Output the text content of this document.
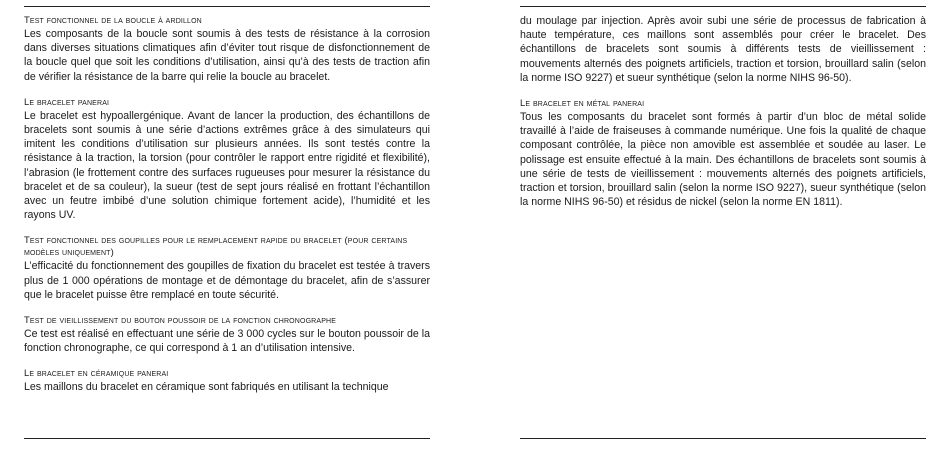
Test fonctionnel de la boucle à ardillon

Les composants de la boucle sont soumis à des tests de résistance à la corrosion dans diverses situations climatiques afin d’éviter tout risque de disfonctionnement de la boucle quel que soit les conditions d’utilisation, ainsi qu’à des tests de traction afin de vérifier la résistance de la barre qui relie la boucle au bracelet.

Le bracelet panerai

Le bracelet est hypoallergénique. Avant de lancer la production, des échantillons de bracelets sont soumis à une série d’actions extrêmes grâce à des simulateurs qui imitent les conditions d’utilisation sur plusieurs années. Ils sont testés contre la résistance à la traction, la torsion (pour contrôler le rapport entre rigidité et flexibilité), l’abrasion (le frottement contre des surfaces rugueuses pour mesurer la résistance du bracelet et de sa couleur), la sueur (test de sept jours réalisé en frottant l’échantillon avec un feutre imbibé d’une solution chimique fortement acide), l’humidité et les rayons UV.

Test fonctionnel des goupilles pour le remplacement rapide du bracelet (pour certains modèles uniquement)

L’efficacité du fonctionnement des goupilles de fixation du bracelet est testée à travers plus de 1 000 opérations de montage et de démontage du bracelet, afin de s’assurer que le bracelet puisse être remplacé en toute sécurité.

Test de vieillissement du bouton poussoir de la fonction chronographe

Ce test est réalisé en effectuant une série de 3 000 cycles sur le bouton poussoir de la fonction chronographe, ce qui correspond à 1 an d’utilisation intensive.

Le bracelet en céramique panerai

Les maillons du bracelet en céramique sont fabriqués en utilisant la technique

du moulage par injection. Après avoir subi une série de processus de fabrication à haute température, ces maillons sont assemblés pour créer le bracelet. Des échantillons de bracelets sont soumis à différents tests de vieillissement : mouvements alternés des poignets artificiels, traction et torsion, brouillard salin (selon la norme ISO 9227) et sueur synthétique (selon la norme NIHS 96-50).

Le bracelet en métal panerai

Tous les composants du bracelet sont formés à partir d’un bloc de métal solide travaillé à l’aide de fraiseuses à commande numérique. Une fois la qualité de chaque composant contrôlée, la pièce non amovible est assemblée et soudée au laser. Le polissage est ensuite effectué à la main. Des échantillons de bracelets sont soumis à une série de tests de vieillissement : mouvements alternés des poignets artificiels, traction et torsion, brouillard salin (selon la norme ISO 9227), sueur synthétique (selon la norme NIHS 96-50) et résidus de nickel (selon la norme EN 1811).
